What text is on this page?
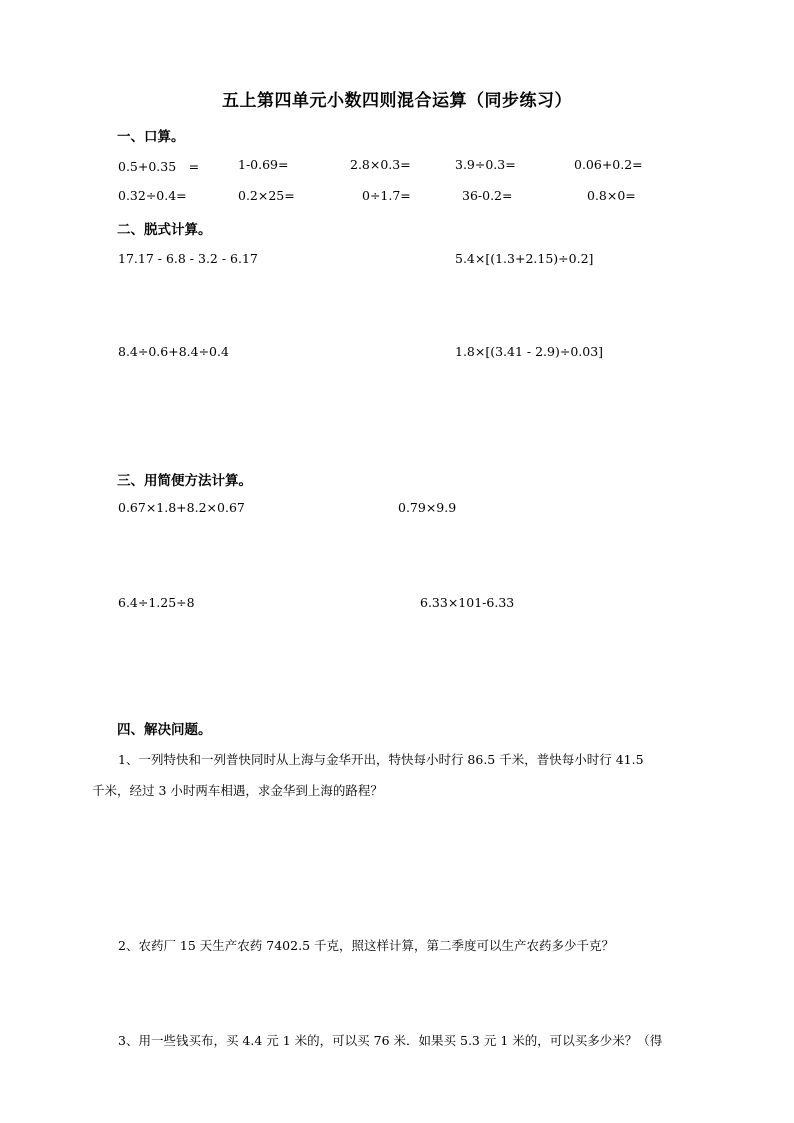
五上第四单元小数四则混合运算（同步练习）
一、口算。
0.5+0.35　=	1-0.69=	2.8×0.3=	3.9÷0.3=	0.06+0.2=
0.32÷0.4=	0.2×25=	0÷1.7=	36-0.2=	0.8×0=
二、脱式计算。
17.17 - 6.8 - 3.2 - 6.17	5.4×[(1.3+2.15)÷0.2]
8.4÷0.6+8.4÷0.4	1.8×[(3.41 - 2.9)÷0.03]
三、用简便方法计算。
0.67×1.8+8.2×0.67	0.79×9.9
6.4÷1.25÷8	6.33×101-6.33
四、解决问题。
1、一列特快和一列普快同时从上海与金华开出，特快每小时行 86.5 千米，普快每小时行 41.5
千米，经过 3 小时两车相遇，求金华到上海的路程？
2、农药厂 15 天生产农药 7402.5 千克，照这样计算，第二季度可以生产农药多少千克？
3、用一些钱买布，买 4.4 元 1 米的，可以买 76 米．如果买 5.3 元 1 米的，可以买多少米？（得
